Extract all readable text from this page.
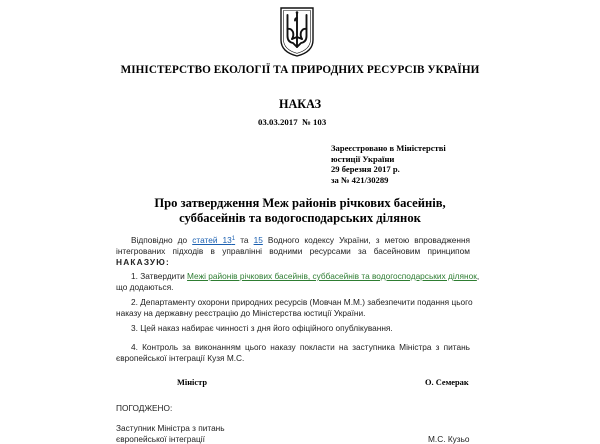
МІНІСТЕРСТВО ЕКОЛОГІЇ ТА ПРИРОДНИХ РЕСУРСІВ УКРАЇНИ
НАКАЗ
03.03.2017 № 103
Зареєстровано в Міністерстві
юстиції України
29 березня 2017 р.
за № 421/30289
Про затвердження Меж районів річкових басейнів,
суббасейнів та водогосподарських ділянок
Відповідно до статей 13$^1$ та 15 Водного кодексу України, з метою впровадження
інтегрованих підходів в управлінні водними ресурсами за басейновим принципом
НАКАЗУЮ:
1. Затвердити Межі районів річкових басейнів, суббасейнів та водогосподарських ділянок,
що додаються.
2. Департаменту охорони природних ресурсів (Мовчан М.М.) забезпечити подання цього
наказу на державну реєстрацію до Міністерства юстиції України.
3. Цей наказ набирає чинності з дня його офіційного опублікування.
4. Контроль за виконанням цього наказу покласти на заступника Міністра з питань
європейської інтеграції Кузя М.С.
Міністр	О. Семерак
ПОГОДЖЕНО:
Заступник Міністра з питань
європейської інтеграції	М.С. Кузьо
